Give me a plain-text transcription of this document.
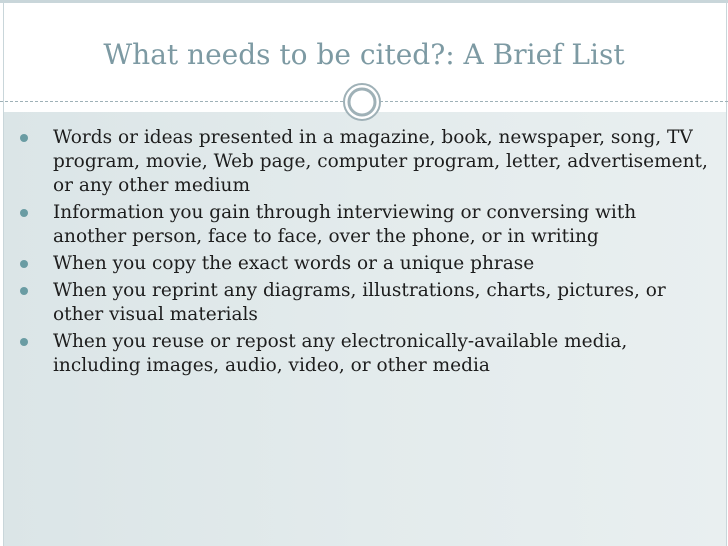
What needs to be cited?: A Brief List
Words or ideas presented in a magazine, book, newspaper, song, TV program, movie, Web page, computer program, letter, advertisement, or any other medium
Information you gain through interviewing or conversing with another person, face to face, over the phone, or in writing
When you copy the exact words or a unique phrase
When you reprint any diagrams, illustrations, charts, pictures, or other visual materials
When you reuse or repost any electronically-available media, including images, audio, video, or other media
